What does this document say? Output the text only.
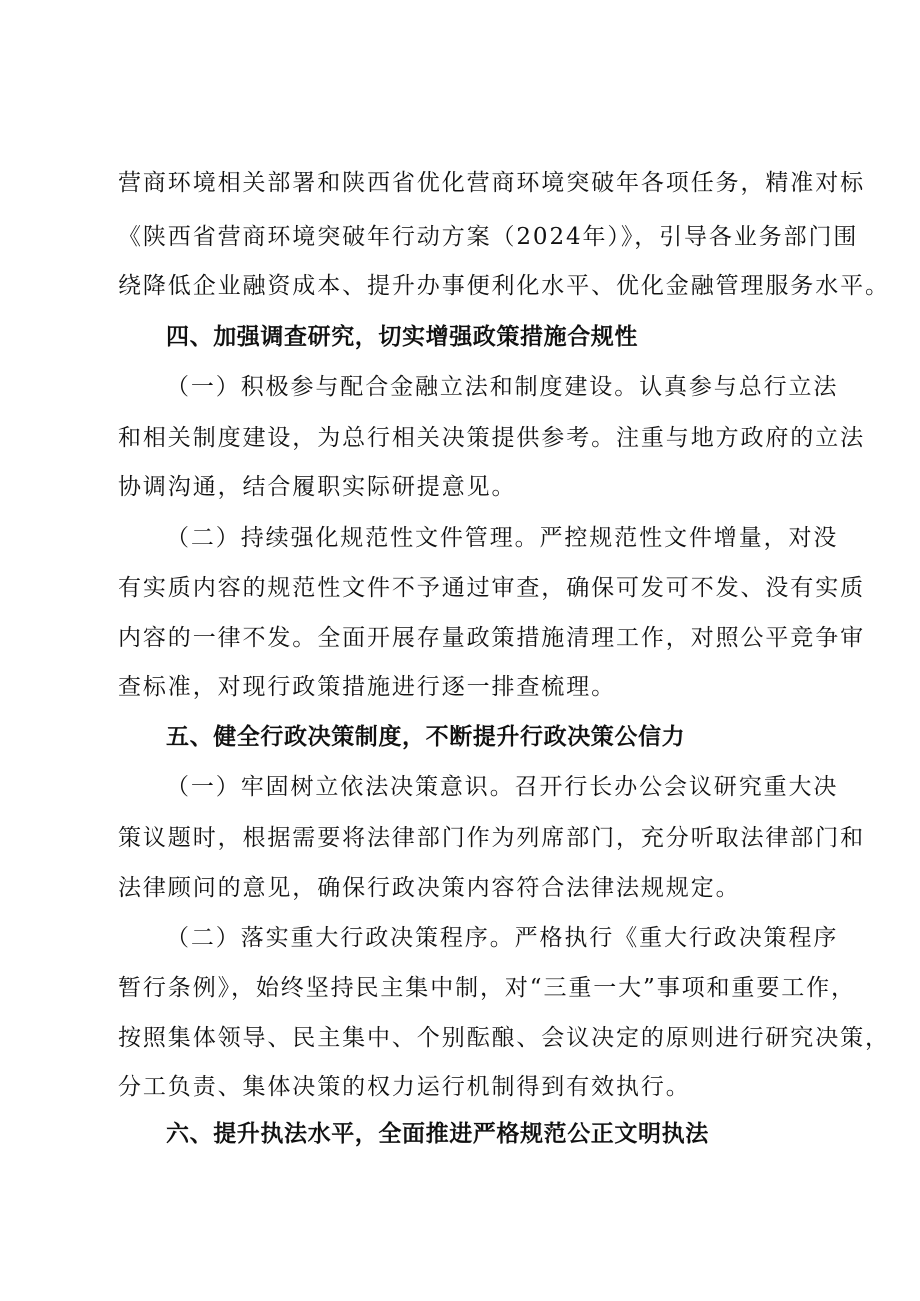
营商环境相关部署和陕西省优化营商环境突破年各项任务，精准对标
《陕西省营商环境突破年行动方案（2024年）》，引导各业务部门围
绕降低企业融资成本、提升办事便利化水平、优化金融管理服务水平。
四、加强调查研究，切实增强政策措施合规性
（一）积极参与配合金融立法和制度建设。认真参与总行立法
和相关制度建设，为总行相关决策提供参考。注重与地方政府的立法
协调沟通，结合履职实际研提意见。
（二）持续强化规范性文件管理。严控规范性文件增量，对没
有实质内容的规范性文件不予通过审查，确保可发可不发、没有实质
内容的一律不发。全面开展存量政策措施清理工作，对照公平竞争审
查标准，对现行政策措施进行逐一排查梳理。
五、健全行政决策制度，不断提升行政决策公信力
（一）牢固树立依法决策意识。召开行长办公会议研究重大决
策议题时，根据需要将法律部门作为列席部门，充分听取法律部门和
法律顾问的意见，确保行政决策内容符合法律法规规定。
（二）落实重大行政决策程序。严格执行《重大行政决策程序
暂行条例》，始终坚持民主集中制，对“三重一大”事项和重要工作，
按照集体领导、民主集中、个别酝酿、会议决定的原则进行研究决策，
分工负责、集体决策的权力运行机制得到有效执行。
六、提升执法水平，全面推进严格规范公正文明执法
